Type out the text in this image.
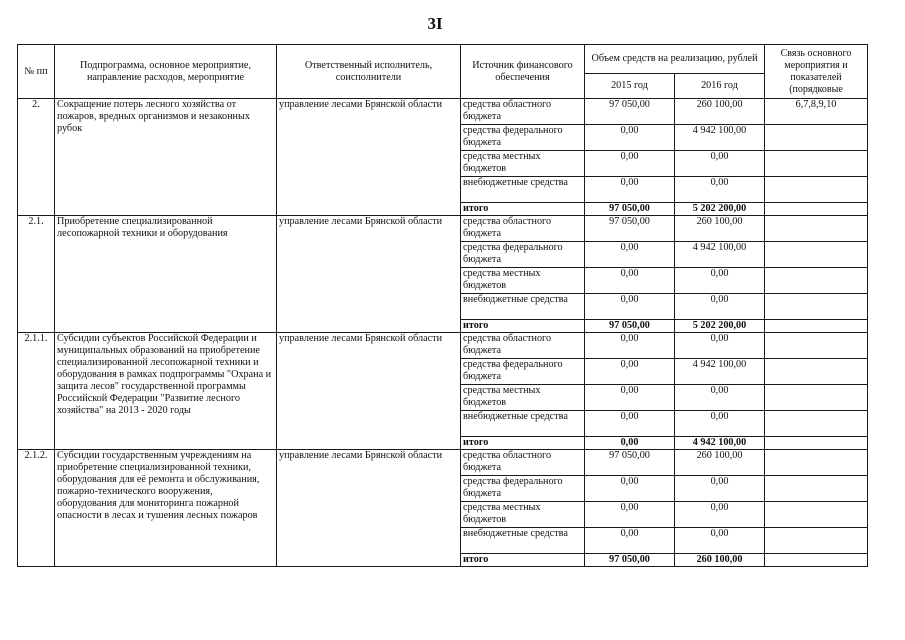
3I
№ пп	Подпрограмма, основное мероприятие, направление расходов, мероприятие	Ответственный исполнитель, соисполнители	Источник финансового обеспечения	Объем средств на реализацию, рублей		Связь основного мероприятия и показателей (порядковые
				2015 год	2016 год	
2.	Сокращение потерь лесного хозяйства от пожаров, вредных организмов и незаконных рубок	управление лесами Брянской области	средства областного бюджета	97 050,00	260 100,00	6,7,8,9,10
			средства федерального бюджета	0,00	4 942 100,00	
			средства местных бюджетов	0,00	0,00	
			внебюджетные средства	0,00	0,00	
			итого	97 050,00	5 202 200,00	
2.1.	Приобретение специализированной лесопожарной техники и оборудования	управление лесами Брянской области	средства областного бюджета	97 050,00	260 100,00	
			средства федерального бюджета	0,00	4 942 100,00	
			средства местных бюджетов	0,00	0,00	
			внебюджетные средства	0,00	0,00	
			итого	97 050,00	5 202 200,00	
2.1.1.	Субсидии субъектов Российской Федерации и муниципальных образований на приобретение специализированной лесопожарной техники и оборудования в рамках подпрограммы "Охрана и защита лесов" государственной программы Российской Федерации "Развитие лесного хозяйства" на 2013 - 2020 годы	управление лесами Брянской области	средства областного бюджета	0,00	0,00	
			средства федерального бюджета	0,00	4 942 100,00	
			средства местных бюджетов	0,00	0,00	
			внебюджетные средства	0,00	0,00	
			итого	0,00	4 942 100,00	
2.1.2.	Субсидии государственным учреждениям на приобретение специализированной техники, оборудования для её ремонта и обслуживания, пожарно-технического вооружения, оборудования для мониторинга пожарной опасности в лесах и тушения лесных пожаров	управление лесами Брянской области	средства областного бюджета	97 050,00	260 100,00	
			средства федерального бюджета	0,00	0,00	
			средства местных бюджетов	0,00	0,00	
			внебюджетные средства	0,00	0,00	
			итого	97 050,00	260 100,00	
